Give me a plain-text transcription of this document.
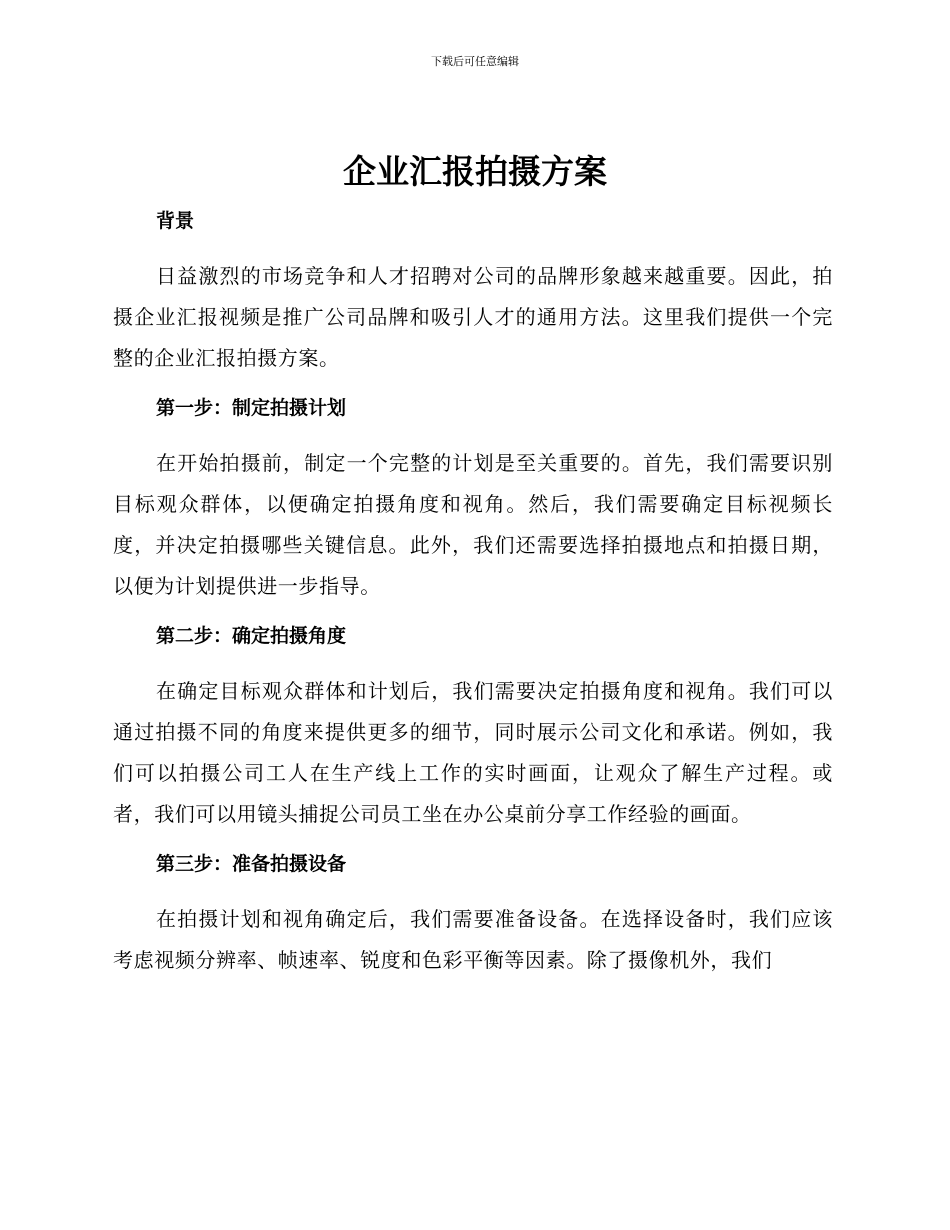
下载后可任意编辑
企业汇报拍摄方案
背景

日益激烈的市场竞争和人才招聘对公司的品牌形象越来越重要。因此，拍摄企业汇报视频是推广公司品牌和吸引人才的通用方法。这里我们提供一个完整的企业汇报拍摄方案。

第一步：制定拍摄计划

在开始拍摄前，制定一个完整的计划是至关重要的。首先，我们需要识别目标观众群体，以便确定拍摄角度和视角。然后，我们需要确定目标视频长度，并决定拍摄哪些关键信息。此外，我们还需要选择拍摄地点和拍摄日期，以便为计划提供进一步指导。

第二步：确定拍摄角度

在确定目标观众群体和计划后，我们需要决定拍摄角度和视角。我们可以通过拍摄不同的角度来提供更多的细节，同时展示公司文化和承诺。例如，我们可以拍摄公司工人在生产线上工作的实时画面，让观众了解生产过程。或者，我们可以用镜头捕捉公司员工坐在办公桌前分享工作经验的画面。

第三步：准备拍摄设备

在拍摄计划和视角确定后，我们需要准备设备。在选择设备时，我们应该考虑视频分辨率、帧速率、锐度和色彩平衡等因素。除了摄像机外，我们
